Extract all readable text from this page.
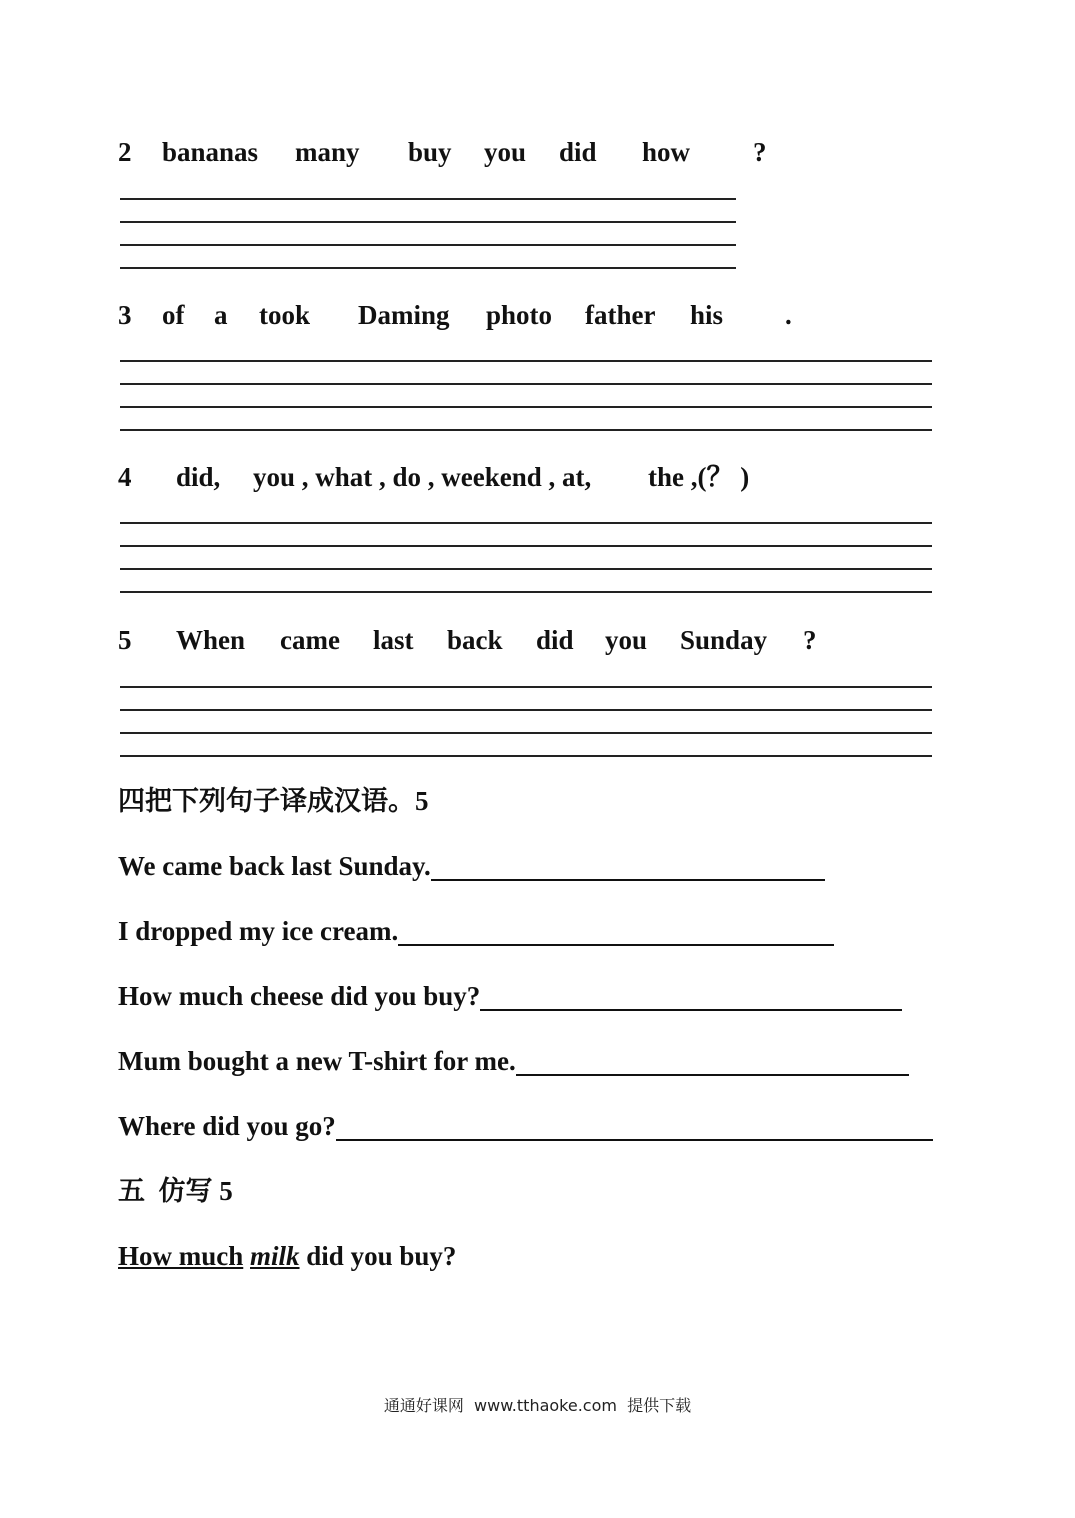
2 bananas many buy you did how ?
3 of a took Daming photo father his .
4 did, you , what , do , weekend , at, the ,(？ )
5 When came last back did you Sunday ?
四把下列句子译成汉语。5
We came back last Sunday.
I dropped my ice cream.
How much cheese did you buy?
Mum bought a new T-shirt for me.
Where did you go?
五  仿写 5
How much
milk did you buy?
通通好课网  www.tthaoke.com  提供下载
